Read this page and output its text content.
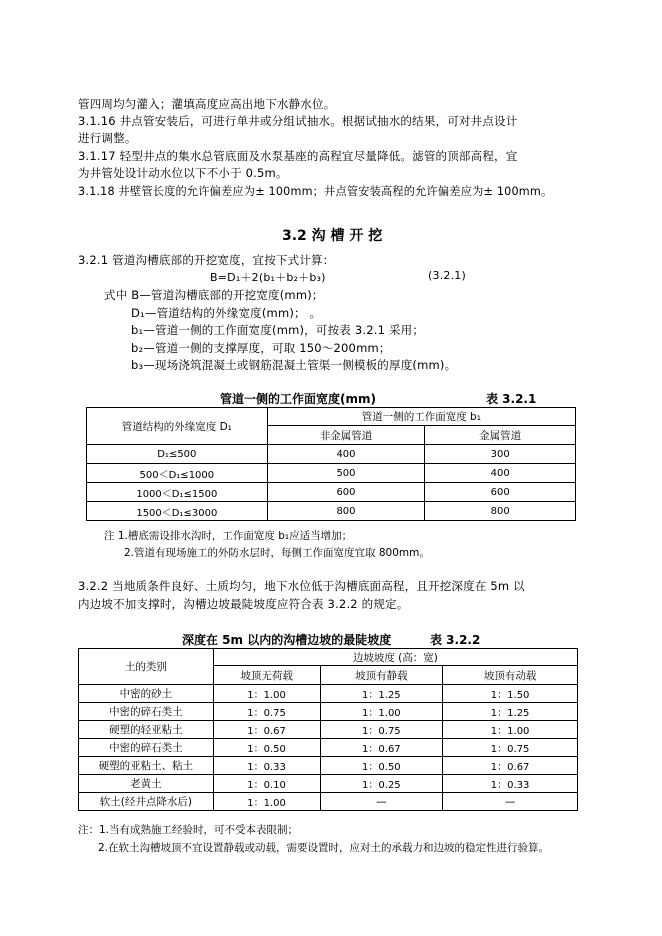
管四周均匀灌入；灌填高度应高出地下水静水位。
3.1.16 井点管安装后，可进行单井或分组试抽水。根据试抽水的结果，可对井点设计
进行调整。
3.1.17 轻型井点的集水总管底面及水泵基座的高程宜尽量降低。滤管的顶部高程，宜
为井管处设计动水位以下不小于 0.5m。
3.1.18 井壁管长度的允许偏差应为± 100mm；井点管安装高程的允许偏差应为± 100mm。
3.2 沟 槽 开 挖
3.2.1 管道沟槽底部的开挖宽度，宜按下式计算：
B=D₁＋2(b₁＋b₂＋b₃)	(3.2.1)
式中 B—管道沟槽底部的开挖宽度(mm)；
D₁—管道结构的外缘宽度(mm)； 。
b₁—管道一侧的工作面宽度(mm)，可按表 3.2.1 采用；
b₂—管道一侧的支撑厚度，可取 150～200mm；
b₃—现场浇筑混凝土或钢筋混凝土管渠一侧模板的厚度(mm)。
管道一侧的工作面宽度(mm)	表 3.2.1
管道结构的外缘宽度 D₁	管道一侧的工作面宽度 b₁	
	非金属管道	金属管道
D₁≤500	400	300
500＜D₁≤1000	500	400
1000＜D₁≤1500	600	600
1500＜D₁≤3000	800	800
注 1.槽底需设排水沟时，工作面宽度 b₁应适当增加；
2.管道有现场施工的外防水层时，每侧工作面宽度宜取 800mm。
3.2.2 当地质条件良好、土质均匀，地下水位低于沟槽底面高程，且开挖深度在 5m 以
内边坡不加支撑时，沟槽边坡最陡坡度应符合表 3.2.2 的规定。
深度在 5m 以内的沟槽边坡的最陡坡度	表 3.2.2
土的类别	边坡坡度 (高：宽)		
	坡顶无荷载	坡顶有静载	坡顶有动载
中密的砂土	1：1.00	1：1.25	1：1.50
中密的碎石类土	1：0.75	1：1.00	1：1.25
硬塑的轻亚粘土	1：0.67	1：0.75	1：1.00
中密的碎石类土	1：0.50	1：0.67	1：0.75
硬塑的亚粘土、粘土	1：0.33	1：0.50	1：0.67
老黄土	1：0.10	1：0.25	1：0.33
软土(经井点降水后)	1：1.00	—	—
注：1.当有成熟施工经验时，可不受本表限制；
2.在软土沟槽坡顶不宜设置静载或动载，需要设置时，应对土的承载力和边坡的稳定性进行验算。
